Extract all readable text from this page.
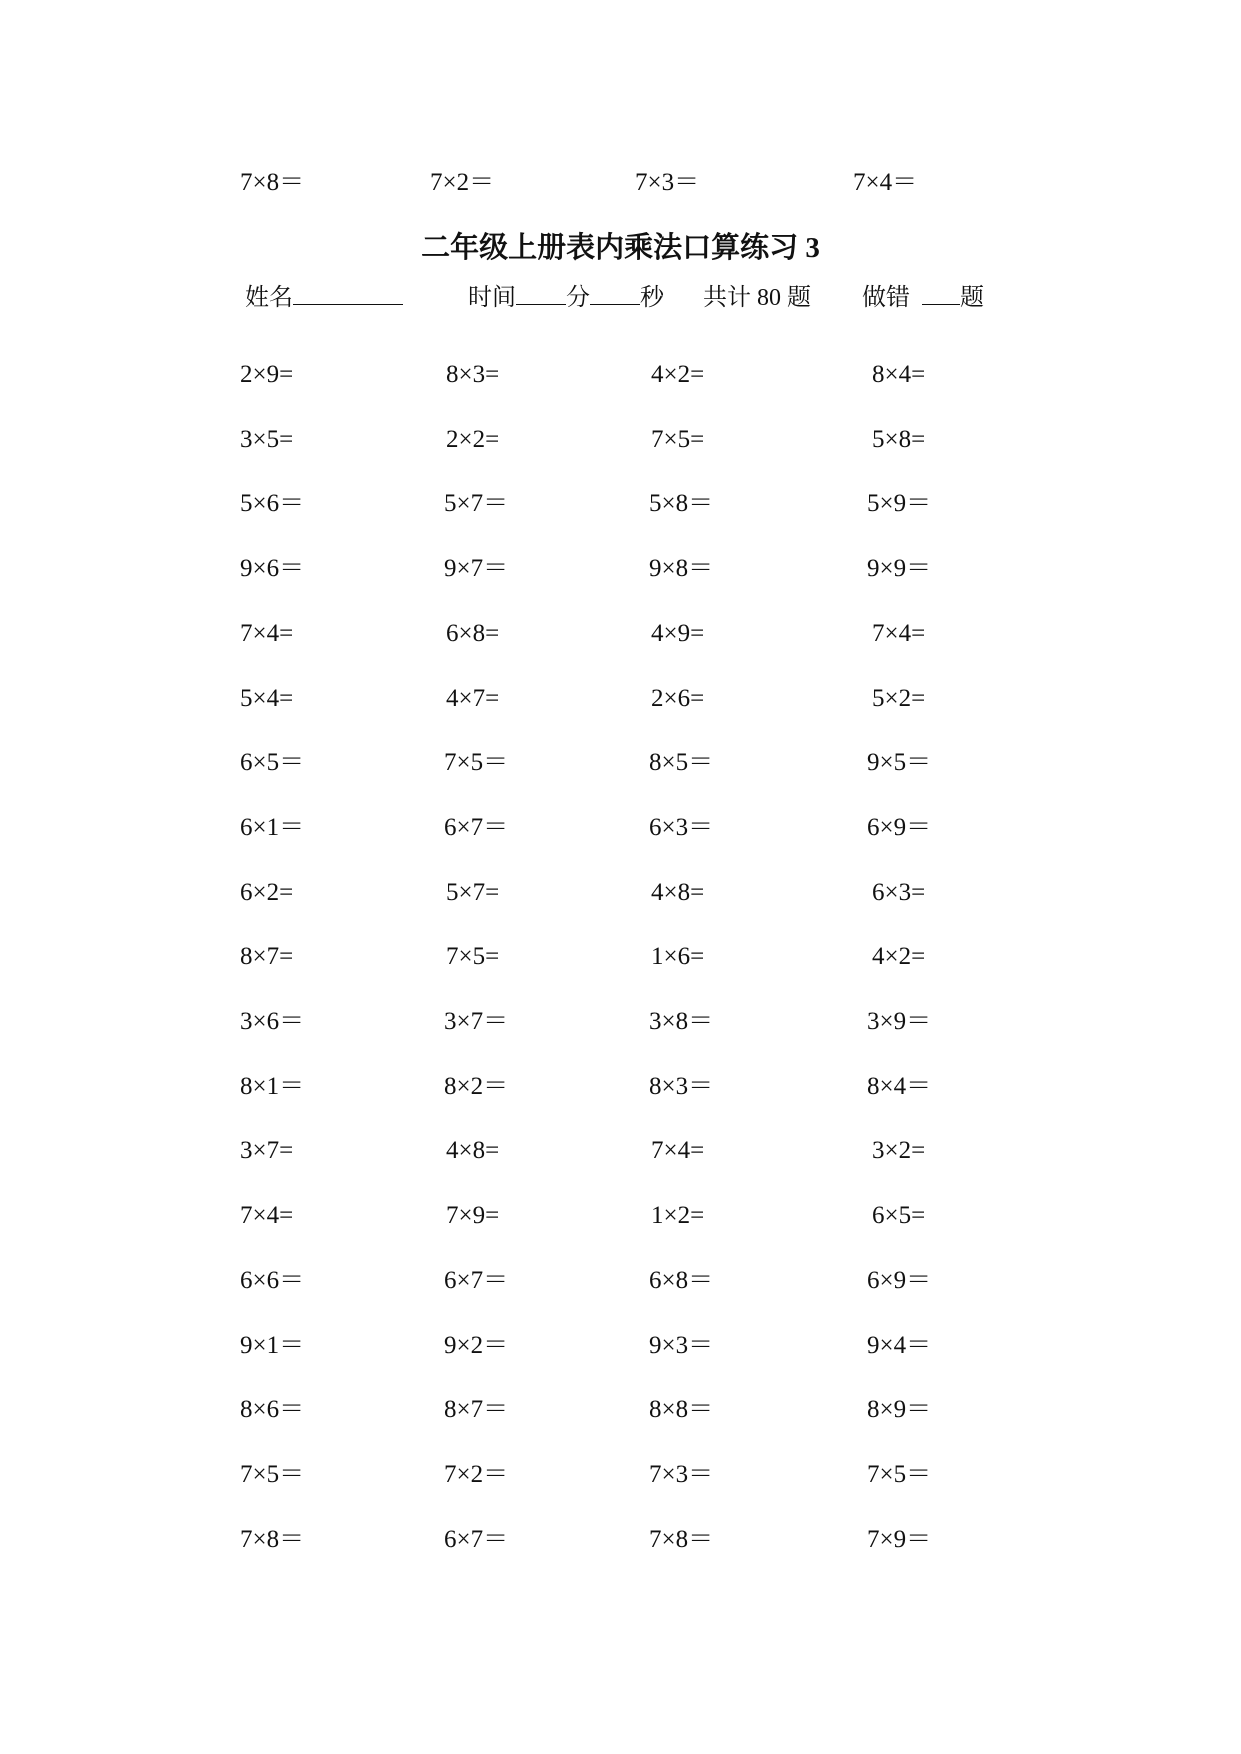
7×8＝	7×2＝	7×3＝	7×4＝
二年级上册表内乘法口算练习 3
姓名	时间 分 秒 共计 80 题 做错 题
2×9=	8×3=	4×2=	8×4=
3×5=	2×2=	7×5=	5×8=
5×6＝	5×7＝	5×8＝	5×9＝
9×6＝	9×7＝	9×8＝	9×9＝
7×4=	6×8=	4×9=	7×4=
5×4=	4×7=	2×6=	5×2=
6×5＝	7×5＝	8×5＝	9×5＝
6×1＝	6×7＝	6×3＝	6×9＝
6×2=	5×7=	4×8=	6×3=
8×7=	7×5=	1×6=	4×2=
3×6＝	3×7＝	3×8＝	3×9＝
8×1＝	8×2＝	8×3＝	8×4＝
3×7=	4×8=	7×4=	3×2=
7×4=	7×9=	1×2=	6×5=
6×6＝	6×7＝	6×8＝	6×9＝
9×1＝	9×2＝	9×3＝	9×4＝
8×6＝	8×7＝	8×8＝	8×9＝
7×5＝	7×2＝	7×3＝	7×5＝
7×8＝	6×7＝	7×8＝	7×9＝
